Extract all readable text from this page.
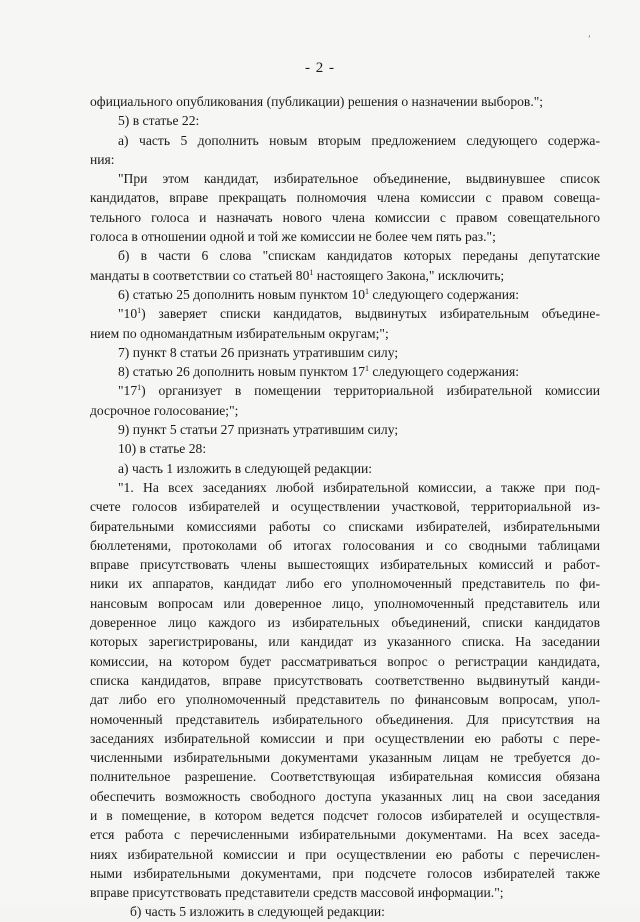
ʼ
- 2 -
официального опубликования (публикации) решения о назначении выборов.";
5) в статье 22:
а) часть 5 дополнить новым вторым предложением следующего содержа-
ния:
"При этом кандидат, избирательное объединение, выдвинувшее список
кандидатов, вправе прекращать полномочия члена комиссии с правом совеща-
тельного голоса и назначать нового члена комиссии с правом совещательного
голоса в отношении одной и той же комиссии не более чем пять раз.";
б) в части 6 слова "спискам кандидатов которых переданы депутатские
мандаты в соответствии со статьей $80^1$ настоящего Закона," исключить;
6) статью 25 дополнить новым пунктом $10^1$ следующего содержания:
"$10^1$) заверяет списки кандидатов, выдвинутых избирательным объедине-
нием по одномандатным избирательным округам;";
7) пункт 8 статьи 26 признать утратившим силу;
8) статью 26 дополнить новым пунктом $17^1$ следующего содержания:
"$17^1$) организует в помещении территориальной избирательной комиссии
досрочное голосование;";
9) пункт 5 статьи 27 признать утратившим силу;
10) в статье 28:
а) часть 1 изложить в следующей редакции:
"1. На всех заседаниях любой избирательной комиссии, а также при под-
счете голосов избирателей и осуществлении участковой, территориальной из-
бирательными комиссиями работы со списками избирателей, избирательными
бюллетенями, протоколами об итогах голосования и со сводными таблицами
вправе присутствовать члены вышестоящих избирательных комиссий и работ-
ники их аппаратов, кандидат либо его уполномоченный представитель по фи-
нансовым вопросам или доверенное лицо, уполномоченный представитель или
доверенное лицо каждого из избирательных объединений, списки кандидатов
которых зарегистрированы, или кандидат из указанного списка. На заседании
комиссии, на котором будет рассматриваться вопрос о регистрации кандидата,
списка кандидатов, вправе присутствовать соответственно выдвинутый канди-
дат либо его уполномоченный представитель по финансовым вопросам, упол-
номоченный представитель избирательного объединения. Для присутствия на
заседаниях избирательной комиссии и при осуществлении ею работы с пере-
численными избирательными документами указанным лицам не требуется до-
полнительное разрешение. Соответствующая избирательная комиссия обязана
обеспечить возможность свободного доступа указанных лиц на свои заседания
и в помещение, в котором ведется подсчет голосов избирателей и осуществля-
ется работа с перечисленными избирательными документами. На всех заседа-
ниях избирательной комиссии и при осуществлении ею работы с перечислен-
ными избирательными документами, при подсчете голосов избирателей также
вправе присутствовать представители средств массовой информации.";
б) часть 5 изложить в следующей редакции:
